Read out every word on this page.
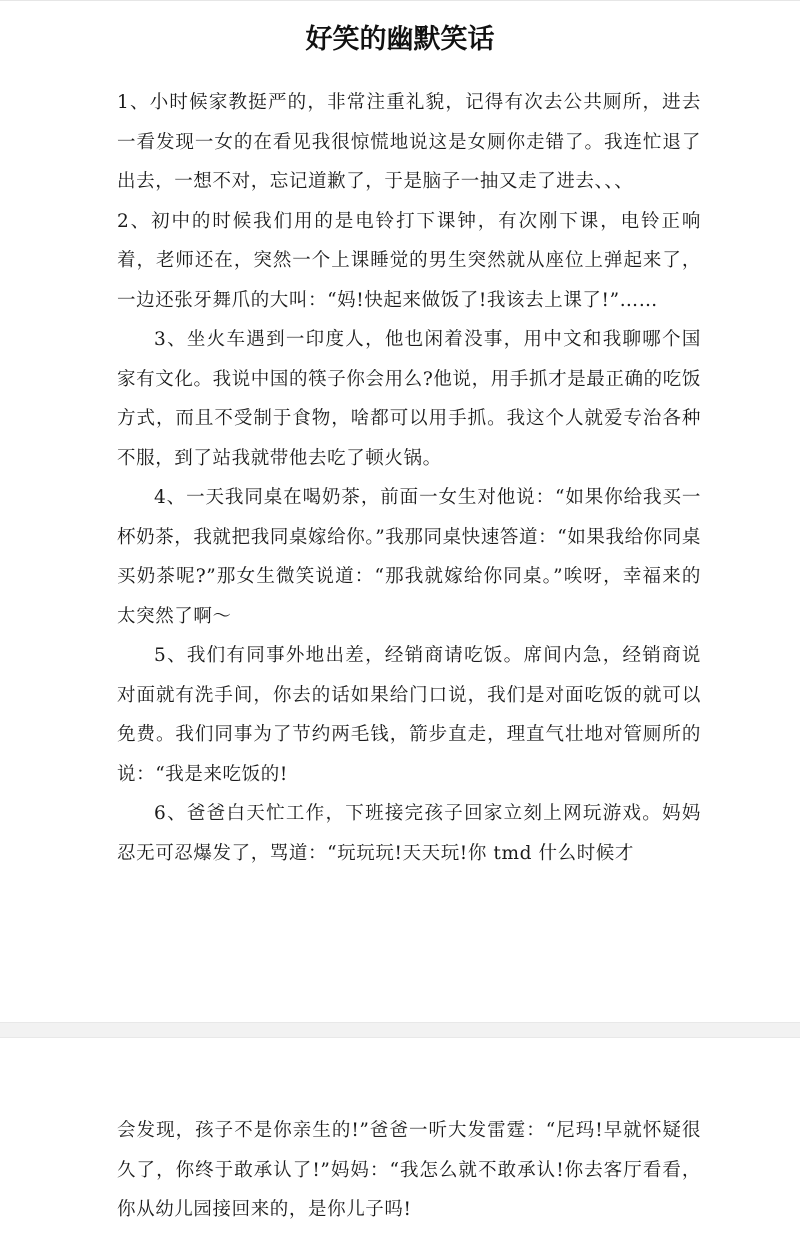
好笑的幽默笑话

1、小时候家教挺严的，非常注重礼貌，记得有次去公共厕所，进去一看发现一女的在看见我很惊慌地说这是女厕你走错了。我连忙退了出去，一想不对，忘记道歉了，于是脑子一抽又走了进去、、、

2、初中的时候我们用的是电铃打下课钟，有次刚下课，电铃正响着，老师还在，突然一个上课睡觉的男生突然就从座位上弹起来了，一边还张牙舞爪的大叫：“妈!快起来做饭了!我该去上课了!”……

3、坐火车遇到一印度人，他也闲着没事，用中文和我聊哪个国家有文化。我说中国的筷子你会用么?他说，用手抓才是最正确的吃饭方式，而且不受制于食物，啥都可以用手抓。我这个人就爱专治各种不服，到了站我就带他去吃了顿火锅。

4、一天我同桌在喝奶茶，前面一女生对他说：“如果你给我买一杯奶茶，我就把我同桌嫁给你。”我那同桌快速答道：“如果我给你同桌买奶茶呢?”那女生微笑说道：“那我就嫁给你同桌。”唉呀，幸福来的太突然了啊～

5、我们有同事外地出差，经销商请吃饭。席间内急，经销商说对面就有洗手间，你去的话如果给门口说，我们是对面吃饭的就可以免费。我们同事为了节约两毛钱，箭步直走，理直气壮地对管厕所的说：“我是来吃饭的!

6、爸爸白天忙工作，下班接完孩子回家立刻上网玩游戏。妈妈忍无可忍爆发了，骂道：“玩玩玩!天天玩!你 tmd 什么时候才

会发现，孩子不是你亲生的!”爸爸一听大发雷霆：“尼玛!早就怀疑很久了，你终于敢承认了!”妈妈：“我怎么就不敢承认!你去客厅看看，你从幼儿园接回来的，是你儿子吗!
